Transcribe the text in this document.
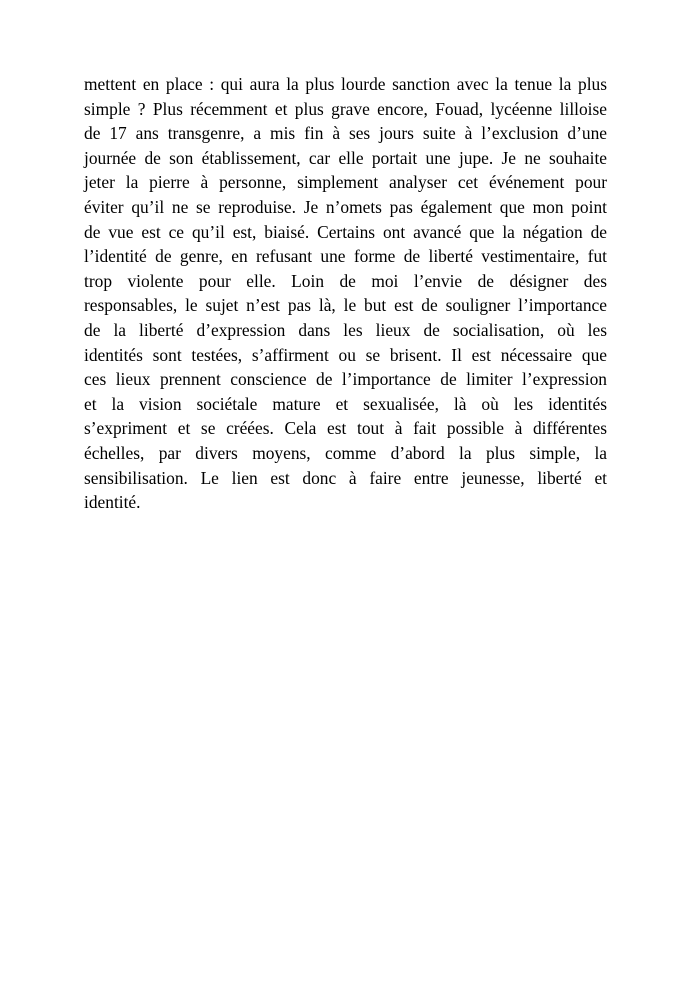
mettent en place : qui aura la plus lourde sanction avec la tenue la plus
simple ? Plus récemment et plus grave encore, Fouad, lycéenne lilloise
de 17 ans transgenre, a mis fin à ses jours suite à l’exclusion d’une
journée de son établissement, car elle portait une jupe. Je ne souhaite
jeter la pierre à personne, simplement analyser cet événement pour
éviter qu’il ne se reproduise. Je n’omets pas également que mon point
de vue est ce qu’il est, biaisé. Certains ont avancé que la négation de
l’identité de genre, en refusant une forme de liberté vestimentaire, fut
trop violente pour elle. Loin de moi l’envie de désigner des
responsables, le sujet n’est pas là, le but est de souligner l’importance
de la liberté d’expression dans les lieux de socialisation, où les
identités sont testées, s’affirment ou se brisent. Il est nécessaire que
ces lieux prennent conscience de l’importance de limiter l’expression
et la vision sociétale mature et sexualisée, là où les identités
s’expriment et se créées. Cela est tout à fait possible à différentes
échelles, par divers moyens, comme d’abord la plus simple, la
sensibilisation. Le lien est donc à faire entre jeunesse, liberté et
identité.
